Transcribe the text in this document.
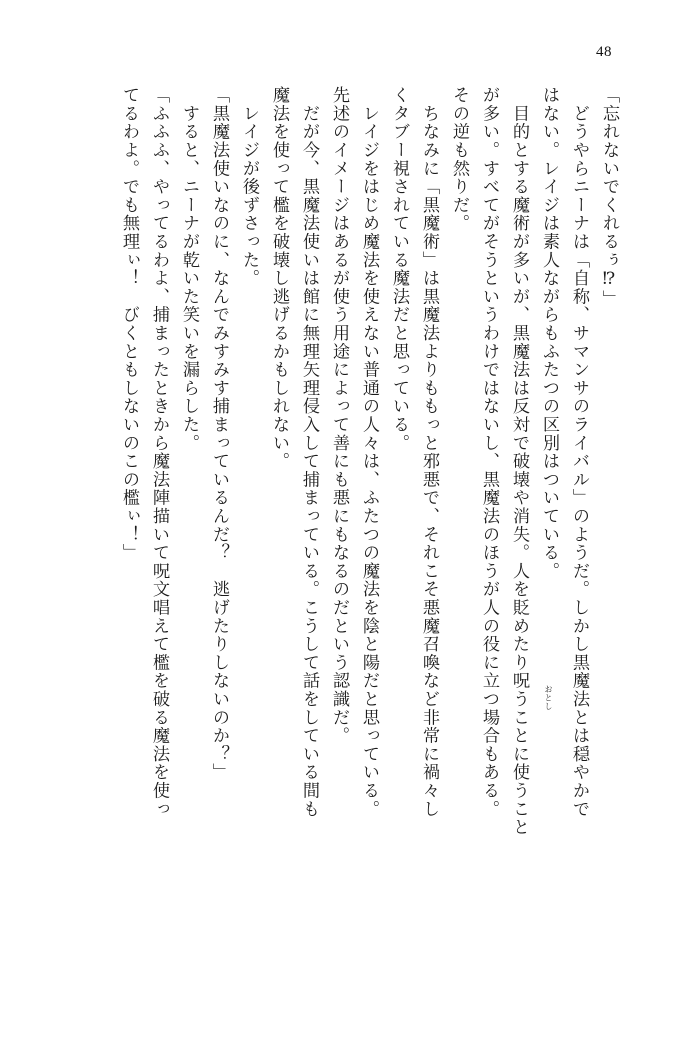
48
「忘れないでくれるぅ⁉」
　どうやらニーナは「自称、サマンサのライバル」のようだ。しかし黒魔法とは穏やかで
はない。レイジは素人ながらもふたつの区別はついている。
　目的とする魔術が多いが、黒魔法は反対で破壊や消失。人を貶めたり呪うことに使うこと
が多い。すべてがそうというわけではないし、黒魔法のほうが人の役に立つ場合もある。
その逆も然りだ。
　ちなみに「黒魔術」は黒魔法よりももっと邪悪で、それこそ悪魔召喚など非常に禍々し
くタブー視されている魔法だと思っている。
　レイジをはじめ魔法を使えない普通の人々は、ふたつの魔法を陰と陽だと思っている。
先述のイメージはあるが使う用途によって善にも悪にもなるのだという認識だ。
　だが今、黒魔法使いは館に無理矢理侵入して捕まっている。こうして話をしている間も
魔法を使って檻を破壊し逃げるかもしれない。
　レイジが後ずさった。
「黒魔法使いなのに、なんでみすみす捕まっているんだ？　逃げたりしないのか？」
　すると、ニーナが乾いた笑いを漏らした。
「ふふふ、やってるわよ、捕まったときから魔法陣描いて呪文唱えて檻を破る魔法を使っ
てるわよ。でも無理ぃ！　びくともしないのこの檻ぃ！」
おとし
